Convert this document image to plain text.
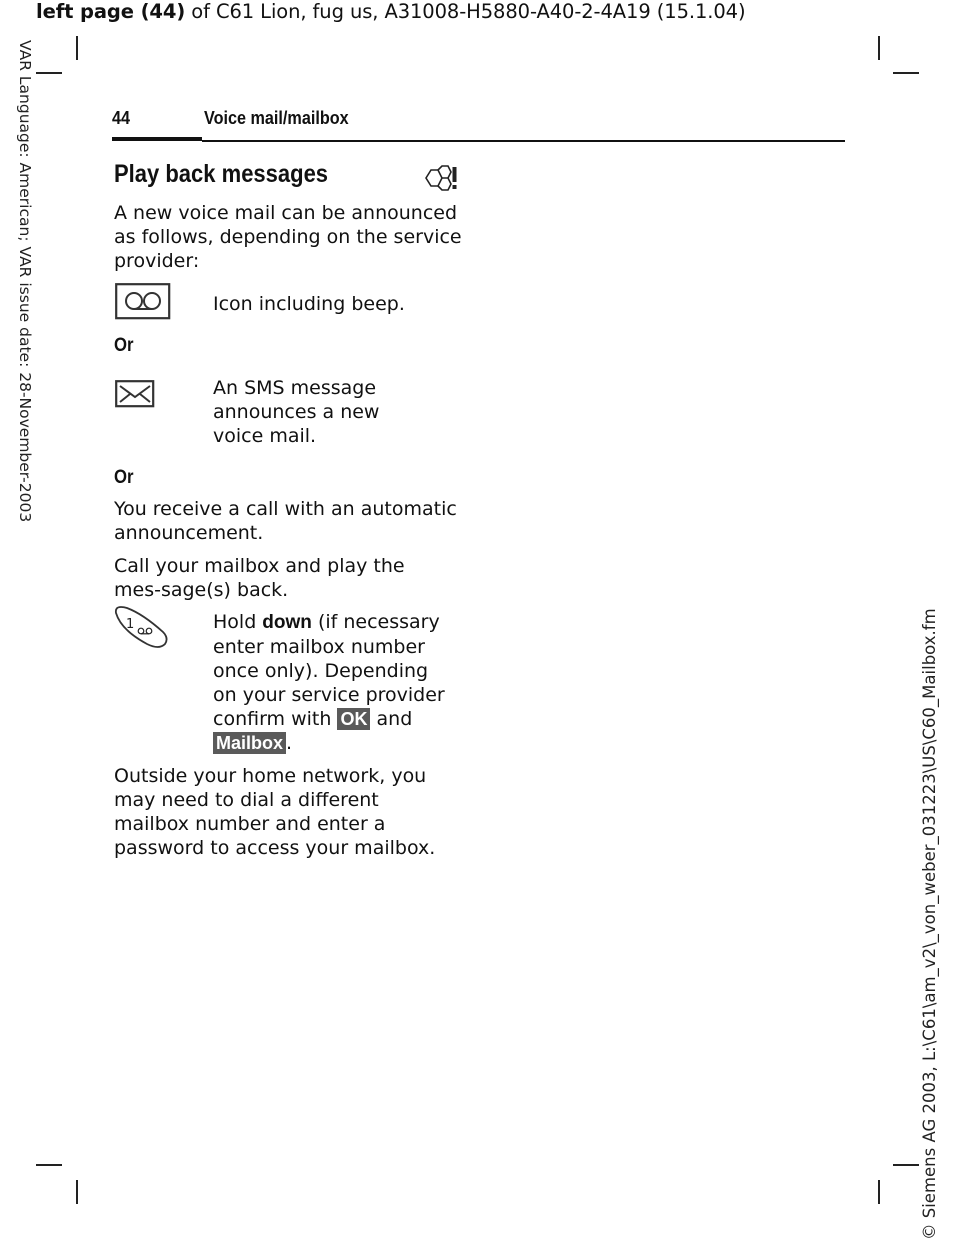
left page (44) of C61 Lion, fug us, A31008-H5880-A40-2-4A19 (15.1.04)
VAR Language: American; VAR issue date: 28-November-2003
© Siemens AG 2003, L:\C61\am_v2\_von_weber_031223\US\C60_Mailbox.fm
44	Voice mail/mailbox
Play back messages
A new voice mail can be announced as follows, depending on the service provider:
Icon including beep.
Or
An SMS message announces a new voice mail.
Or
You receive a call with an automatic announcement.
Call your mailbox and play the mes-sage(s) back.
1	Hold down (if necessary enter mailbox number once only). Depending on your service provider confirm with OK and Mailbox .
Outside your home network, you may need to dial a different mailbox number and enter a password to access your mailbox.
